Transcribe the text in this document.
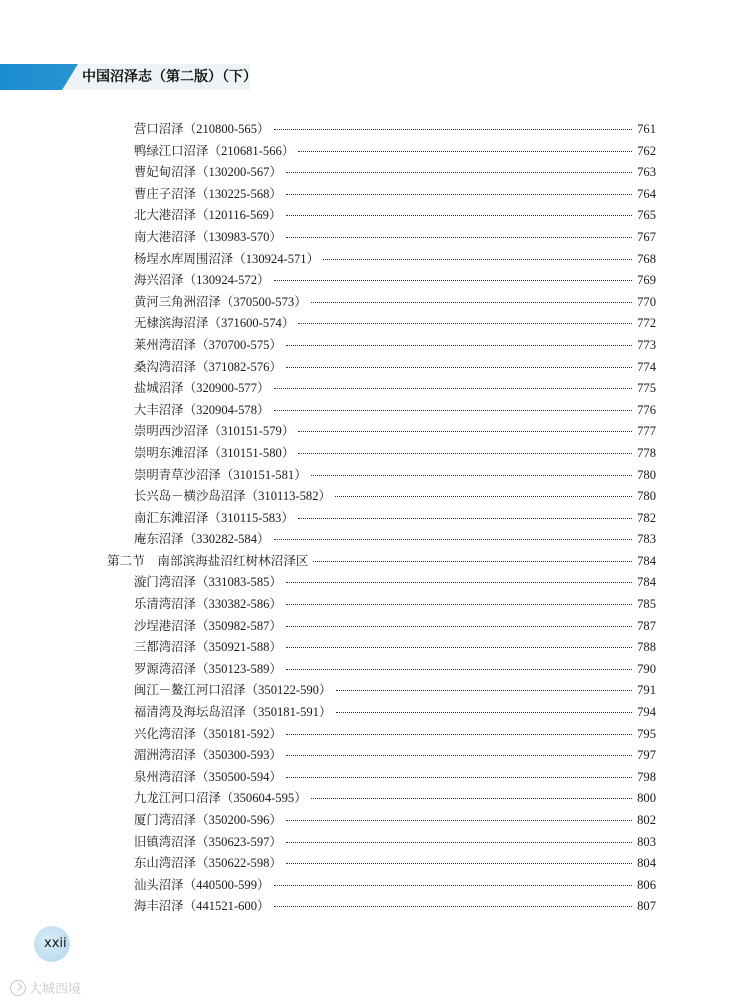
中国沼泽志（第二版）（下）
营口沼泽 （ 210800-565 ）	761
鸭绿江口沼泽 （ 210681-566 ）	762
曹妃甸沼泽 （ 130200-567 ）	763
曹庄子沼泽 （ 130225-568 ）	764
北大港沼泽 （ 120116-569 ）	765
南大港沼泽 （ 130983-570 ）	767
杨埕水库周围沼泽 （ 130924-571 ）	768
海兴沼泽 （ 130924-572 ）	769
黄河三角洲沼泽 （ 370500-573 ）	770
无棣滨海沼泽 （ 371600-574 ）	772
莱州湾沼泽 （ 370700-575 ）	773
桑沟湾沼泽 （ 371082-576 ）	774
盐城沼泽 （ 320900-577 ）	775
大丰沼泽 （ 320904-578 ）	776
崇明西沙沼泽 （ 310151-579 ）	777
崇明东滩沼泽 （ 310151-580 ）	778
崇明青草沙沼泽 （ 310151-581 ）	780
长兴岛－横沙岛沼泽 （ 310113-582 ）	780
南汇东滩沼泽 （ 310115-583 ）	782
庵东沼泽 （ 330282-584 ）	783
第二节　南部滨海盐沼红树林沼泽区	784
漩门湾沼泽 （ 331083-585 ）	784
乐清湾沼泽 （ 330382-586 ）	785
沙埕港沼泽 （ 350982-587 ）	787
三都湾沼泽 （ 350921-588 ）	788
罗源湾沼泽 （ 350123-589 ）	790
闽江－鳌江河口沼泽 （ 350122-590 ）	791
福清湾及海坛岛沼泽 （ 350181-591 ）	794
兴化湾沼泽 （ 350181-592 ）	795
湄洲湾沼泽 （ 350300-593 ）	797
泉州湾沼泽 （ 350500-594 ）	798
九龙江河口沼泽 （ 350604-595 ）	800
厦门湾沼泽 （ 350200-596 ）	802
旧镇湾沼泽 （ 350623-597 ）	803
东山湾沼泽 （ 350622-598 ）	804
汕头沼泽 （ 440500-599 ）	806
海丰沼泽 （ 441521-600 ）	807
xxii
大城西境
